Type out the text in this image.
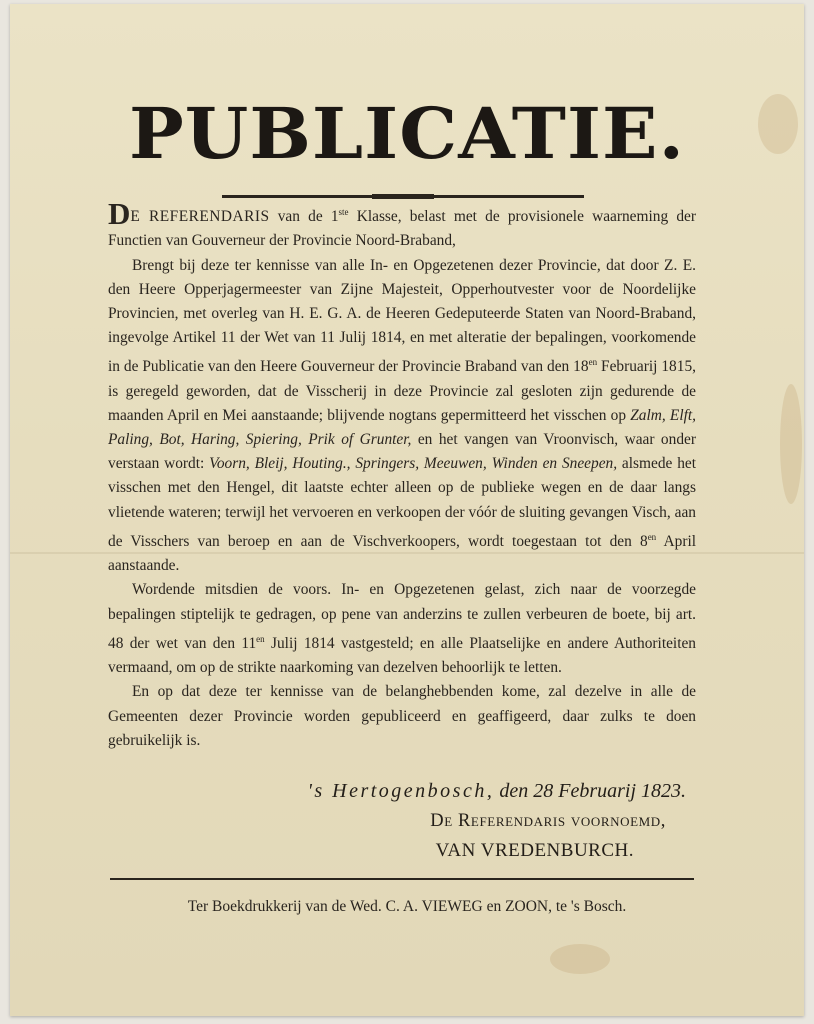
PUBLICATIE.

DE REFERENDARIS van de 1ste Klasse, belast met de provisionele waarneming der Functien van Gouverneur der Provincie Noord-Braband,

Brengt bij deze ter kennisse van alle In- en Opgezetenen dezer Provincie, dat door Z. E. den Heere Opperjagermeester van Zijne Majesteit, Opperhoutvester voor de Noordelijke Provincien, met overleg van H. E. G. A. de Heeren Gedeputeerde Staten van Noord-Braband, ingevolge Artikel 11 der Wet van 11 Julij 1814, en met alteratie der bepalingen, voorkomende in de Publicatie van den Heere Gouverneur der Provincie Braband van den $18^{en}$ Februarij 1815, is geregeld geworden, dat de Visscherij in deze Provincie zal gesloten zijn gedurende de maanden April en Mei aanstaande; blijvende nogtans gepermitteerd het visschen op Zalm, Elft, Paling, Bot, Haring, Spiering, Prik of Grunter, en het vangen van Vroonvisch, waar onder verstaan wordt: Voorn, Bleij, Houting., Springers, Meeuwen, Winden en Sneepen, alsmede het visschen met den Hengel, dit laatste echter alleen op de publieke wegen en de daar langs vlietende wateren; terwijl het vervoeren en verkoopen der vóór de sluiting gevangen Visch, aan de Visschers van beroep en aan de Vischverkoopers, wordt toegestaan tot den $8^{en}$ April aanstaande.

Wordende mitsdien de voors. In- en Opgezetenen gelast, zich naar de voorzegde bepalingen stiptelijk te gedragen, op pene van anderzins te zullen verbeuren de boete, bij art. 48 der wet van den $11^{en}$ Julij 1814 vastgesteld; en alle Plaatselijke en andere Authoriteiten vermaand, om op de strikte naarkoming van dezelven behoorlijk te letten.

En op dat deze ter kennisse van de belanghebbenden kome, zal dezelve in alle de Gemeenten dezer Provincie worden gepubliceerd en geaffigeerd, daar zulks te doen gebruikelijk is.

's Hertogenbosch, den 28 Februarij 1823.
De Referendaris voornoemd,
VAN VREDENBURCH.
Ter Boekdrukkerij van de Wed. C. A. VIEWEG en ZOON, te 's Bosch.
